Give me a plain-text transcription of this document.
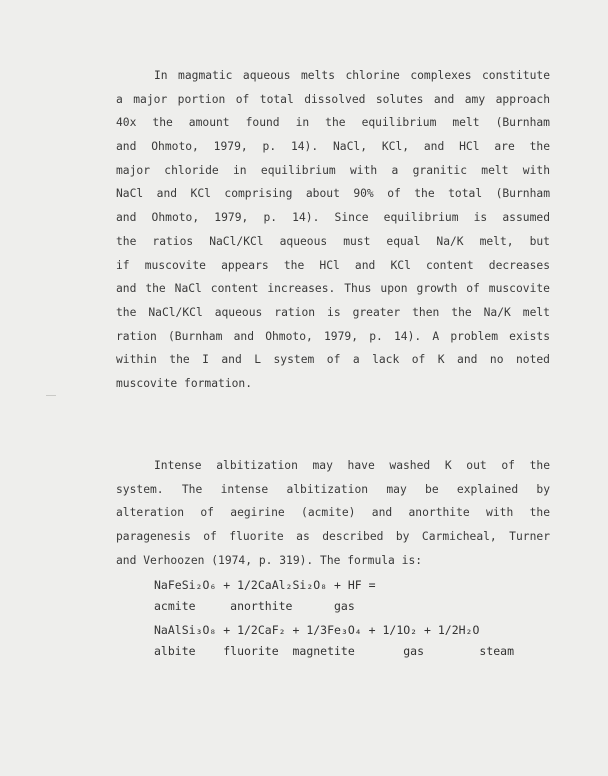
In magmatic aqueous melts chlorine complexes constitute
a major portion of total dissolved solutes and amy approach
40x the amount found in the equilibrium melt (Burnham
and Ohmoto, 1979, p. 14). NaCl, KCl, and HCl are the
major chloride in equilibrium with a granitic melt with
NaCl and KCl comprising about 90% of the total (Burnham
and Ohmoto, 1979, p. 14). Since equilibrium is assumed
the ratios NaCl/KCl aqueous must equal Na/K melt, but
if muscovite appears the HCl and KCl content decreases
and the NaCl content increases. Thus upon growth of muscovite
the NaCl/KCl aqueous ration is greater then the Na/K melt
ration (Burnham and Ohmoto, 1979, p. 14). A problem exists
within the I and L system of a lack of K and no noted
muscovite formation.
Intense albitization may have washed K out of the
system. The intense albitization may be explained by
alteration of aegirine (acmite) and anorthite with the
paragenesis of fluorite as described by Carmicheal, Turner
and Verhoozen (1974, p. 319). The formula is:
NaFeSi₂O₆ + 1/2CaAl₂Si₂O₈ + HF =
acmite     anorthite      gas
NaAlSi₃O₈ + 1/2CaF₂ + 1/3Fe₃O₄ + 1/1O₂ + 1/2H₂O
albite    fluorite  magnetite       gas        steam
